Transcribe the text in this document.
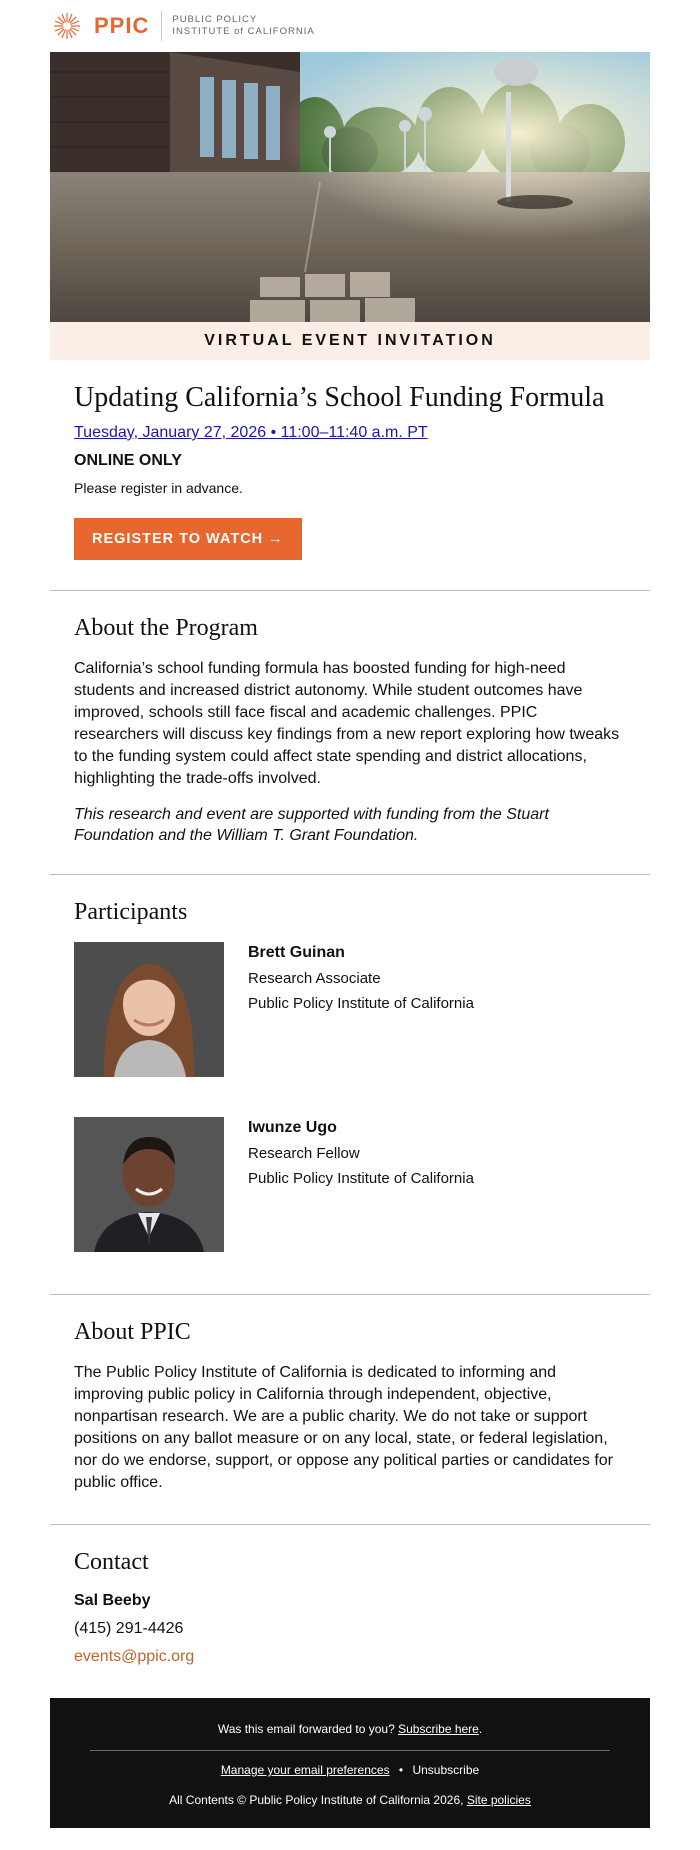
PPIC PUBLIC POLICY
INSTITUTE of CALIFORNIA
VIRTUAL EVENT INVITATION
Updating California’s School Funding Formula
Tuesday, January 27, 2026 • 11:00–11:40 a.m. PT
ONLINE ONLY
Please register in advance.
REGISTER TO WATCH →
About the Program

California’s school funding formula has boosted funding for high-need students and increased district autonomy. While student outcomes have improved, schools still face fiscal and academic challenges. PPIC researchers will discuss key findings from a new report exploring how tweaks to the funding system could affect state spending and district allocations, highlighting the trade-offs involved.

This research and event are supported with funding from the Stuart Foundation and the William T. Grant Foundation.

Participants
Brett Guinan
Research Associate
Public Policy Institute of California
Iwunze Ugo
Research Fellow
Public Policy Institute of California
About PPIC

The Public Policy Institute of California is dedicated to informing and improving public policy in California through independent, objective, nonpartisan research. We are a public charity. We do not take or support positions on any ballot measure or on any local, state, or federal legislation, nor do we endorse, support, or oppose any political parties or candidates for public office.

Contact
Sal Beeby
(415) 291-4426
events@ppic.org
Was this email forwarded to you? Subscribe here.
Manage your email preferences • Unsubscribe
All Contents © Public Policy Institute of California 2026, Site policies
